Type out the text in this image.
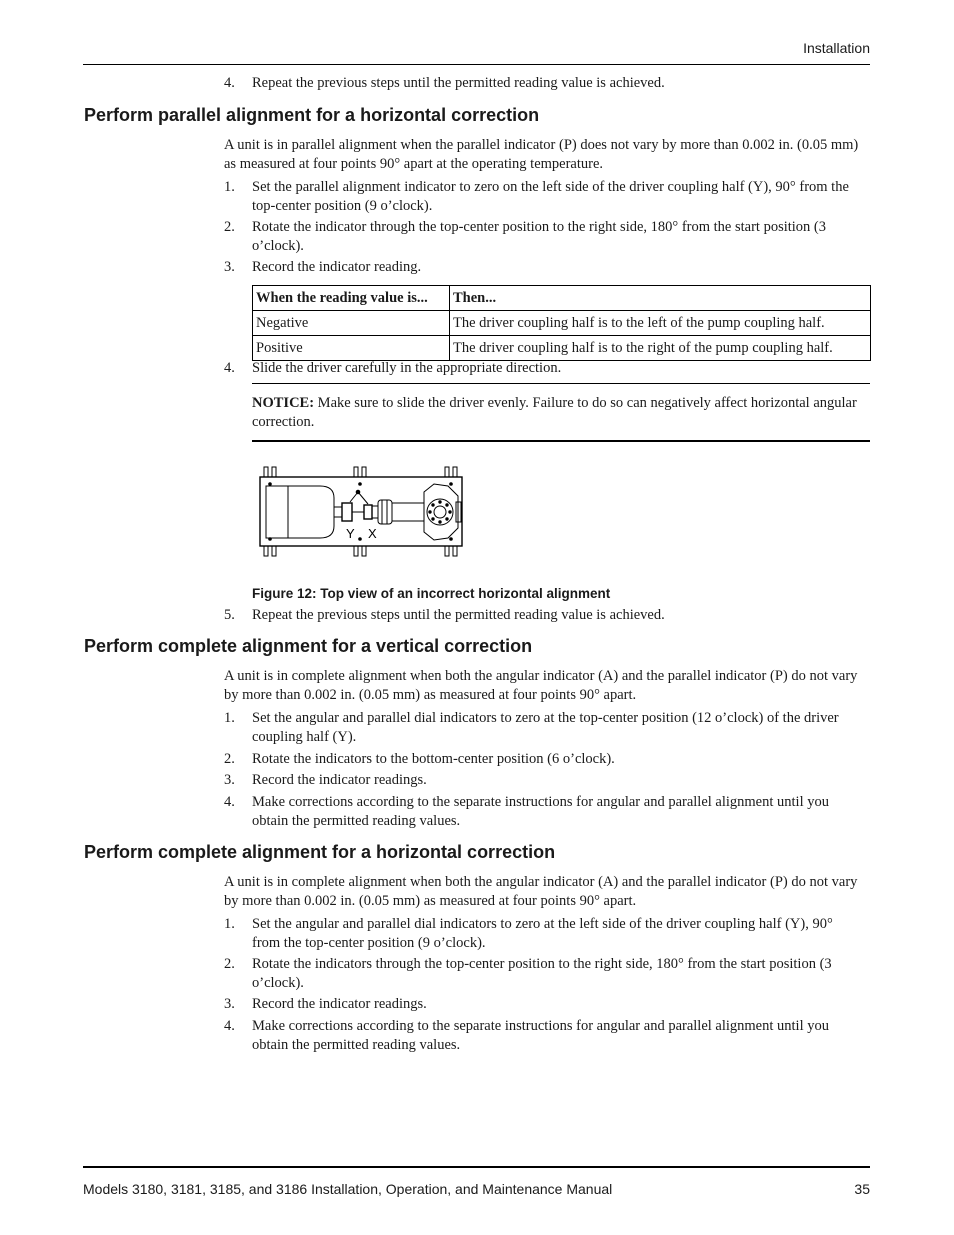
Installation
4. Repeat the previous steps until the permitted reading value is achieved.
Perform parallel alignment for a horizontal correction
A unit is in parallel alignment when the parallel indicator (P) does not vary by more than 0.002 in. (0.05 mm) as measured at four points 90° apart at the operating temperature.
1. Set the parallel alignment indicator to zero on the left side of the driver coupling half (Y), 90° from the top-center position (9 o’clock).
2. Rotate the indicator through the top-center position to the right side, 180° from the start position (3 o’clock).
3. Record the indicator reading.
When the reading value is...	Then...
Negative	The driver coupling half is to the left of the pump coupling half.
Positive	The driver coupling half is to the right of the pump coupling half.
4. Slide the driver carefully in the appropriate direction.
NOTICE: Make sure to slide the driver evenly. Failure to do so can negatively affect horizontal angular correction.
Y X
Figure 12: Top view of an incorrect horizontal alignment
5. Repeat the previous steps until the permitted reading value is achieved.
Perform complete alignment for a vertical correction
A unit is in complete alignment when both the angular indicator (A) and the parallel indicator (P) do not vary by more than 0.002 in. (0.05 mm) as measured at four points 90° apart.
1. Set the angular and parallel dial indicators to zero at the top-center position (12 o’clock) of the driver coupling half (Y).
2. Rotate the indicators to the bottom-center position (6 o’clock).
3. Record the indicator readings.
4. Make corrections according to the separate instructions for angular and parallel alignment until you obtain the permitted reading values.
Perform complete alignment for a horizontal correction
A unit is in complete alignment when both the angular indicator (A) and the parallel indicator (P) do not vary by more than 0.002 in. (0.05 mm) as measured at four points 90° apart.
1. Set the angular and parallel dial indicators to zero at the left side of the driver coupling half (Y), 90° from the top-center position (9 o’clock).
2. Rotate the indicators through the top-center position to the right side, 180° from the start position (3 o’clock).
3. Record the indicator readings.
4. Make corrections according to the separate instructions for angular and parallel alignment until you obtain the permitted reading values.
Models 3180, 3181, 3185, and 3186 Installation, Operation, and Maintenance Manual	35
